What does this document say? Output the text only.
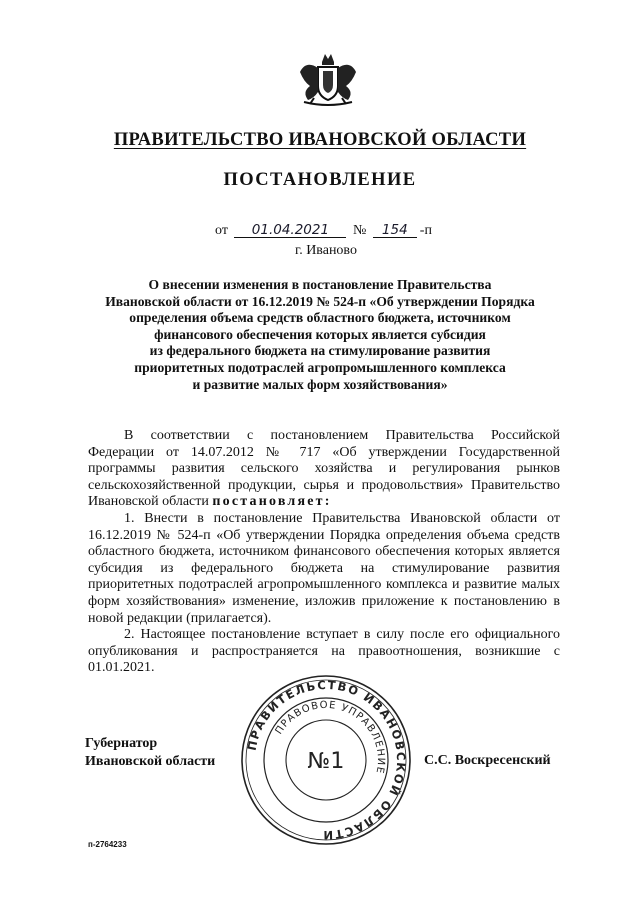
ПРАВИТЕЛЬСТВО ИВАНОВСКОЙ ОБЛАСТИ
ПОСТАНОВЛЕНИЕ
от 01.04.2021 № 154 -п
г. Иваново
О внесении изменения в постановление Правительства
Ивановской области от 16.12.2019 № 524-п «Об утверждении Порядка
определения объема средств областного бюджета, источником
финансового обеспечения которых является субсидия
из федерального бюджета на стимулирование развития
приоритетных подотраслей агропромышленного комплекса
и развитие малых форм хозяйствования»

В соответствии с постановлением Правительства Российской Федерации от 14.07.2012 № 717 «Об утверждении Государственной программы развития сельского хозяйства и регулирования рынков сельскохозяйственной продукции, сырья и продовольствия» Правительство Ивановской области постановляет:

1. Внести в постановление Правительства Ивановской области от 16.12.2019 № 524-п «Об утверждении Порядка определения объема средств областного бюджета, источником финансового обеспечения которых является субсидия из федерального бюджета на стимулирование развития приоритетных подотраслей агропромышленного комплекса и развитие малых форм хозяйствования» изменение, изложив приложение к постановлению в новой редакции (прилагается).

2. Настоящее постановление вступает в силу после его официального опубликования и распространяется на правоотношения, возникшие с 01.01.2021.

Губернатор
Ивановской области	С.С. Воскресенский
ПРАВИТЕЛЬСТВО ИВАНОВСКОЙ ОБЛАСТИ
ПРАВОВОЕ УПРАВЛЕНИЕ
№1
п-2764233
